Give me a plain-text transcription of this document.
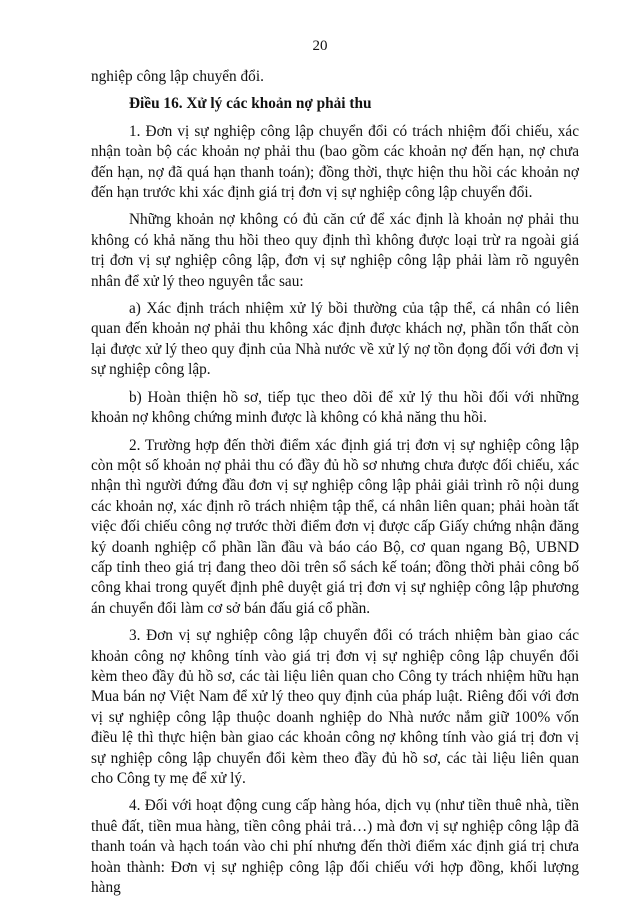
20

nghiệp công lập chuyển đổi.

Điều 16. Xử lý các khoản nợ phải thu

1. Đơn vị sự nghiệp công lập chuyển đổi có trách nhiệm đối chiếu, xác nhận toàn bộ các khoản nợ phải thu (bao gồm các khoản nợ đến hạn, nợ chưa đến hạn, nợ đã quá hạn thanh toán); đồng thời, thực hiện thu hồi các khoản nợ đến hạn trước khi xác định giá trị đơn vị sự nghiệp công lập chuyển đổi.

Những khoản nợ không có đủ căn cứ để xác định là khoản nợ phải thu không có khả năng thu hồi theo quy định thì không được loại trừ ra ngoài giá trị đơn vị sự nghiệp công lập, đơn vị sự nghiệp công lập phải làm rõ nguyên nhân để xử lý theo nguyên tắc sau:

a) Xác định trách nhiệm xử lý bồi thường của tập thể, cá nhân có liên quan đến khoản nợ phải thu không xác định được khách nợ, phần tổn thất còn lại được xử lý theo quy định của Nhà nước về xử lý nợ tồn đọng đối với đơn vị sự nghiệp công lập.

b) Hoàn thiện hồ sơ, tiếp tục theo dõi để xử lý thu hồi đối với những khoản nợ không chứng minh được là không có khả năng thu hồi.

2. Trường hợp đến thời điểm xác định giá trị đơn vị sự nghiệp công lập còn một số khoản nợ phải thu có đầy đủ hồ sơ nhưng chưa được đối chiếu, xác nhận thì người đứng đầu đơn vị sự nghiệp công lập phải giải trình rõ nội dung các khoản nợ, xác định rõ trách nhiệm tập thể, cá nhân liên quan; phải hoàn tất việc đối chiếu công nợ trước thời điểm đơn vị được cấp Giấy chứng nhận đăng ký doanh nghiệp cổ phần lần đầu và báo cáo Bộ, cơ quan ngang Bộ, UBND cấp tỉnh theo giá trị đang theo dõi trên sổ sách kế toán; đồng thời phải công bố công khai trong quyết định phê duyệt giá trị đơn vị sự nghiệp công lập phương án chuyển đổi làm cơ sở bán đấu giá cổ phần.

3. Đơn vị sự nghiệp công lập chuyển đổi có trách nhiệm bàn giao các khoản công nợ không tính vào giá trị đơn vị sự nghiệp công lập chuyển đổi kèm theo đầy đủ hồ sơ, các tài liệu liên quan cho Công ty trách nhiệm hữu hạn Mua bán nợ Việt Nam để xử lý theo quy định của pháp luật. Riêng đối với đơn vị sự nghiệp công lập thuộc doanh nghiệp do Nhà nước nắm giữ 100% vốn điều lệ thì thực hiện bàn giao các khoản công nợ không tính vào giá trị đơn vị sự nghiệp công lập chuyển đổi kèm theo đầy đủ hồ sơ, các tài liệu liên quan cho Công ty mẹ để xử lý.

4. Đối với hoạt động cung cấp hàng hóa, dịch vụ (như tiền thuê nhà, tiền thuê đất, tiền mua hàng, tiền công phải trả…) mà đơn vị sự nghiệp công lập đã thanh toán và hạch toán vào chi phí nhưng đến thời điểm xác định giá trị chưa hoàn thành: Đơn vị sự nghiệp công lập đối chiếu với hợp đồng, khối lượng hàng
